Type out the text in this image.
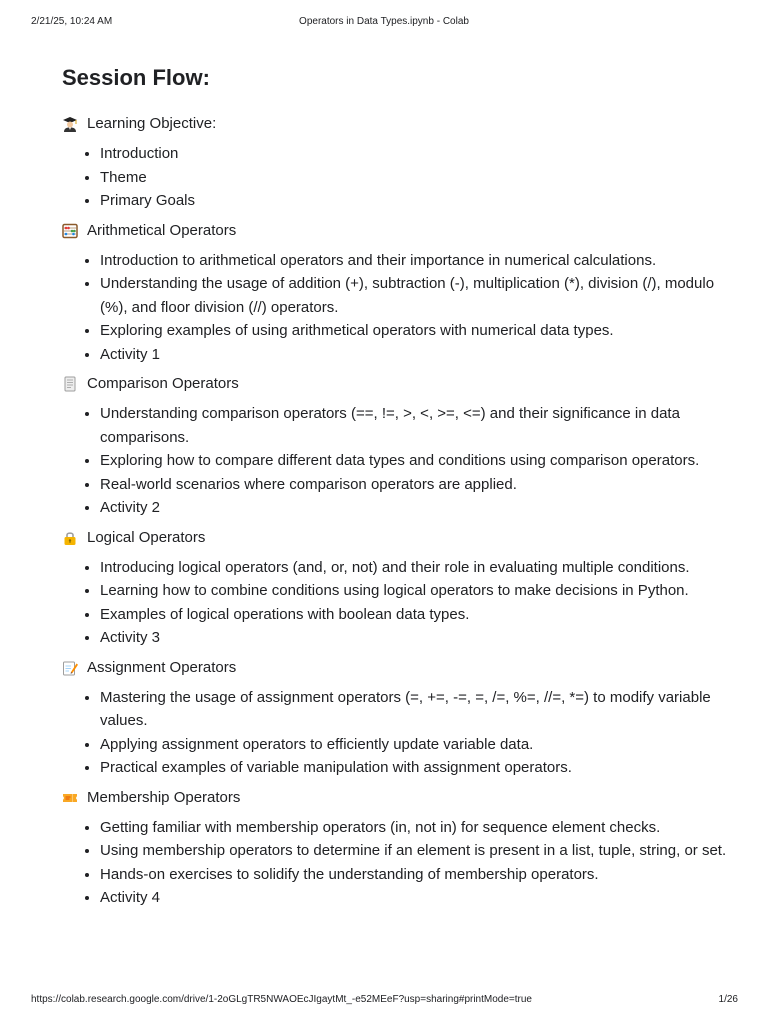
2/21/25, 10:24 AM	Operators in Data Types.ipynb - Colab
Session Flow:
Learning Objective:
• Introduction
• Theme
• Primary Goals
Arithmetical Operators
• Introduction to arithmetical operators and their importance in numerical calculations.
• Understanding the usage of addition (+), subtraction (-), multiplication (*), division (/), modulo (%), and floor division (//) operators.
• Exploring examples of using arithmetical operators with numerical data types.
• Activity 1
Comparison Operators
• Understanding comparison operators (==, !=, >, <, >=, <=) and their significance in data comparisons.
• Exploring how to compare different data types and conditions using comparison operators.
• Real-world scenarios where comparison operators are applied.
• Activity 2
Logical Operators
• Introducing logical operators (and, or, not) and their role in evaluating multiple conditions.
• Learning how to combine conditions using logical operators to make decisions in Python.
• Examples of logical operations with boolean data types.
• Activity 3
Assignment Operators
• Mastering the usage of assignment operators (=, +=, -=, =, /=, %=, //=, *=) to modify variable values.
• Applying assignment operators to efficiently update variable data.
• Practical examples of variable manipulation with assignment operators.
Membership Operators
• Getting familiar with membership operators (in, not in) for sequence element checks.
• Using membership operators to determine if an element is present in a list, tuple, string, or set.
• Hands-on exercises to solidify the understanding of membership operators.
• Activity 4
https://colab.research.google.com/drive/1-2oGLgTR5NWAOEcJIgaytMt_-e52MEeF?usp=sharing#printMode=true	1/26
